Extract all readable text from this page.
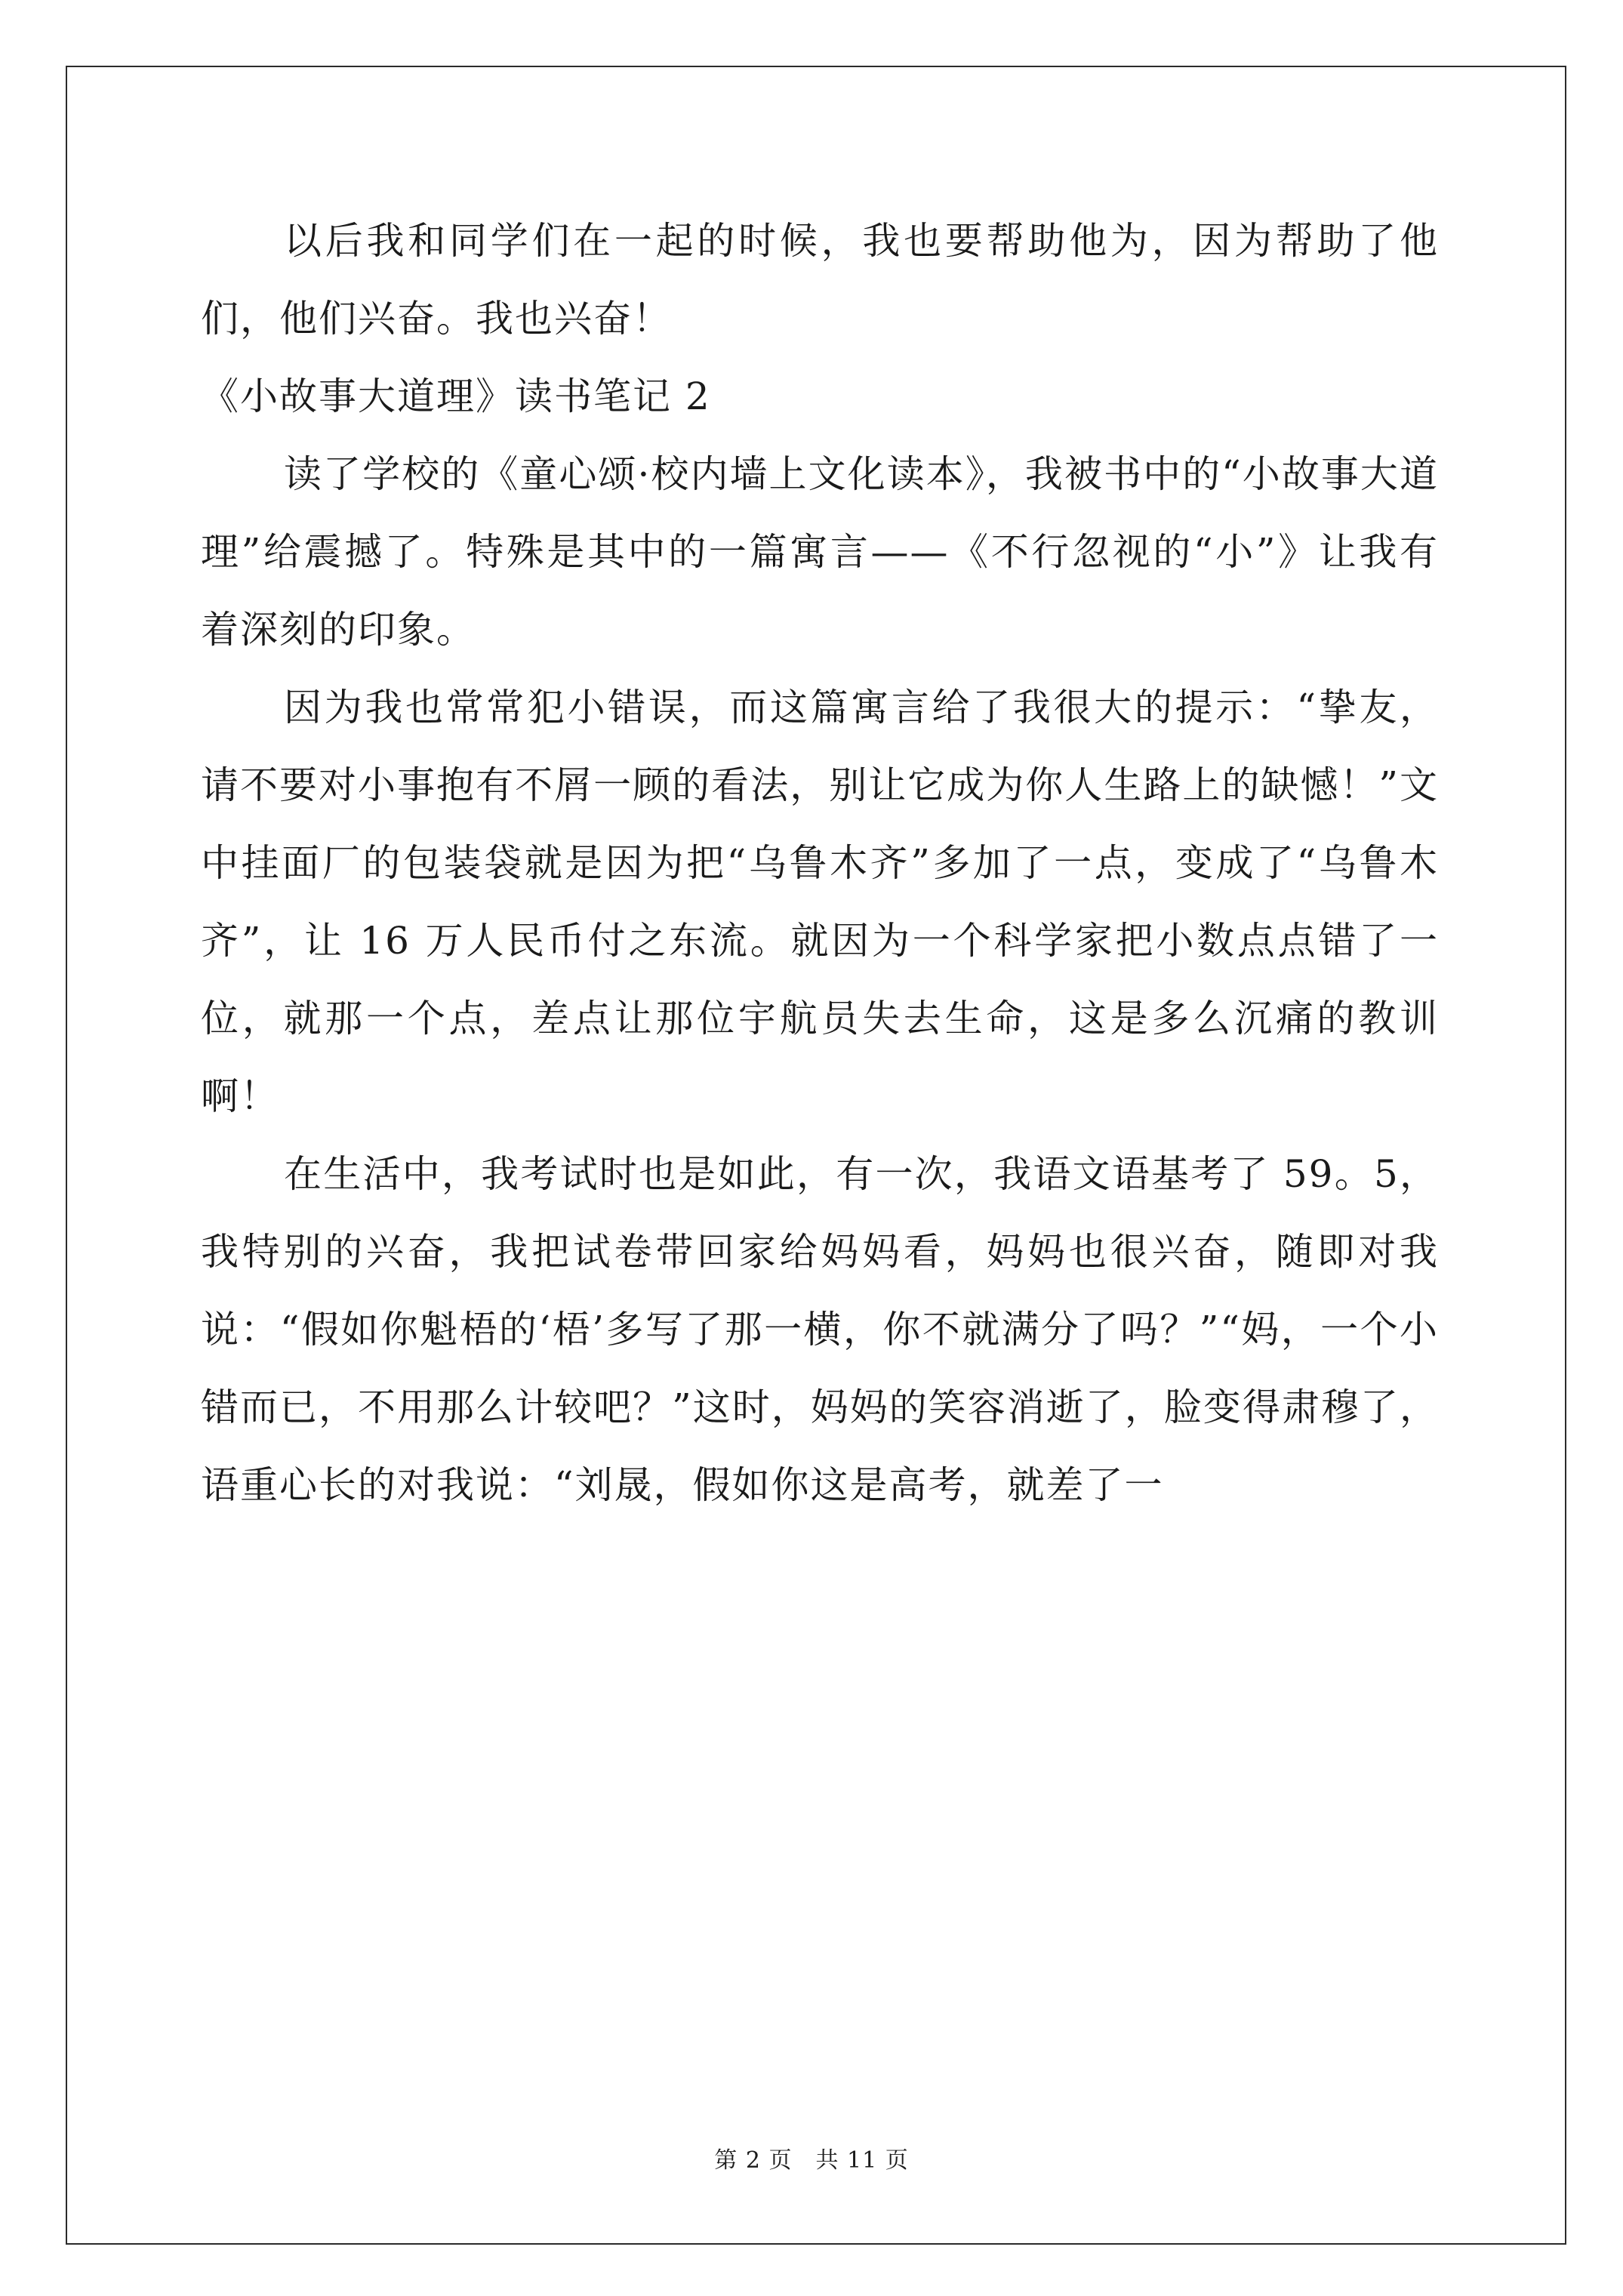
以后我和同学们在一起的时候，我也要帮助他为，因为帮助了他们，他们兴奋。我也兴奋！

《小故事大道理》读书笔记 2

读了学校的《童心颂·校内墙上文化读本》，我被书中的“小故事大道理”给震撼了。特殊是其中的一篇寓言——《不行忽视的“小”》让我有着深刻的印象。

因为我也常常犯小错误，而这篇寓言给了我很大的提示：“挚友，请不要对小事抱有不屑一顾的看法，别让它成为你人生路上的缺憾！”文中挂面厂的包装袋就是因为把“乌鲁木齐”多加了一点，变成了“乌鲁木齐”，让 16 万人民币付之东流。就因为一个科学家把小数点点错了一位，就那一个点，差点让那位宇航员失去生命，这是多么沉痛的教训啊！

在生活中，我考试时也是如此，有一次，我语文语基考了 59。5，我特别的兴奋，我把试卷带回家给妈妈看，妈妈也很兴奋，随即对我说：“假如你魁梧的‘梧’多写了那一横，你不就满分了吗？”“妈，一个小错而已，不用那么计较吧？”这时，妈妈的笑容消逝了，脸变得肃穆了，语重心长的对我说：“刘晟，假如你这是高考，就差了一

第 2 页　共 11 页
